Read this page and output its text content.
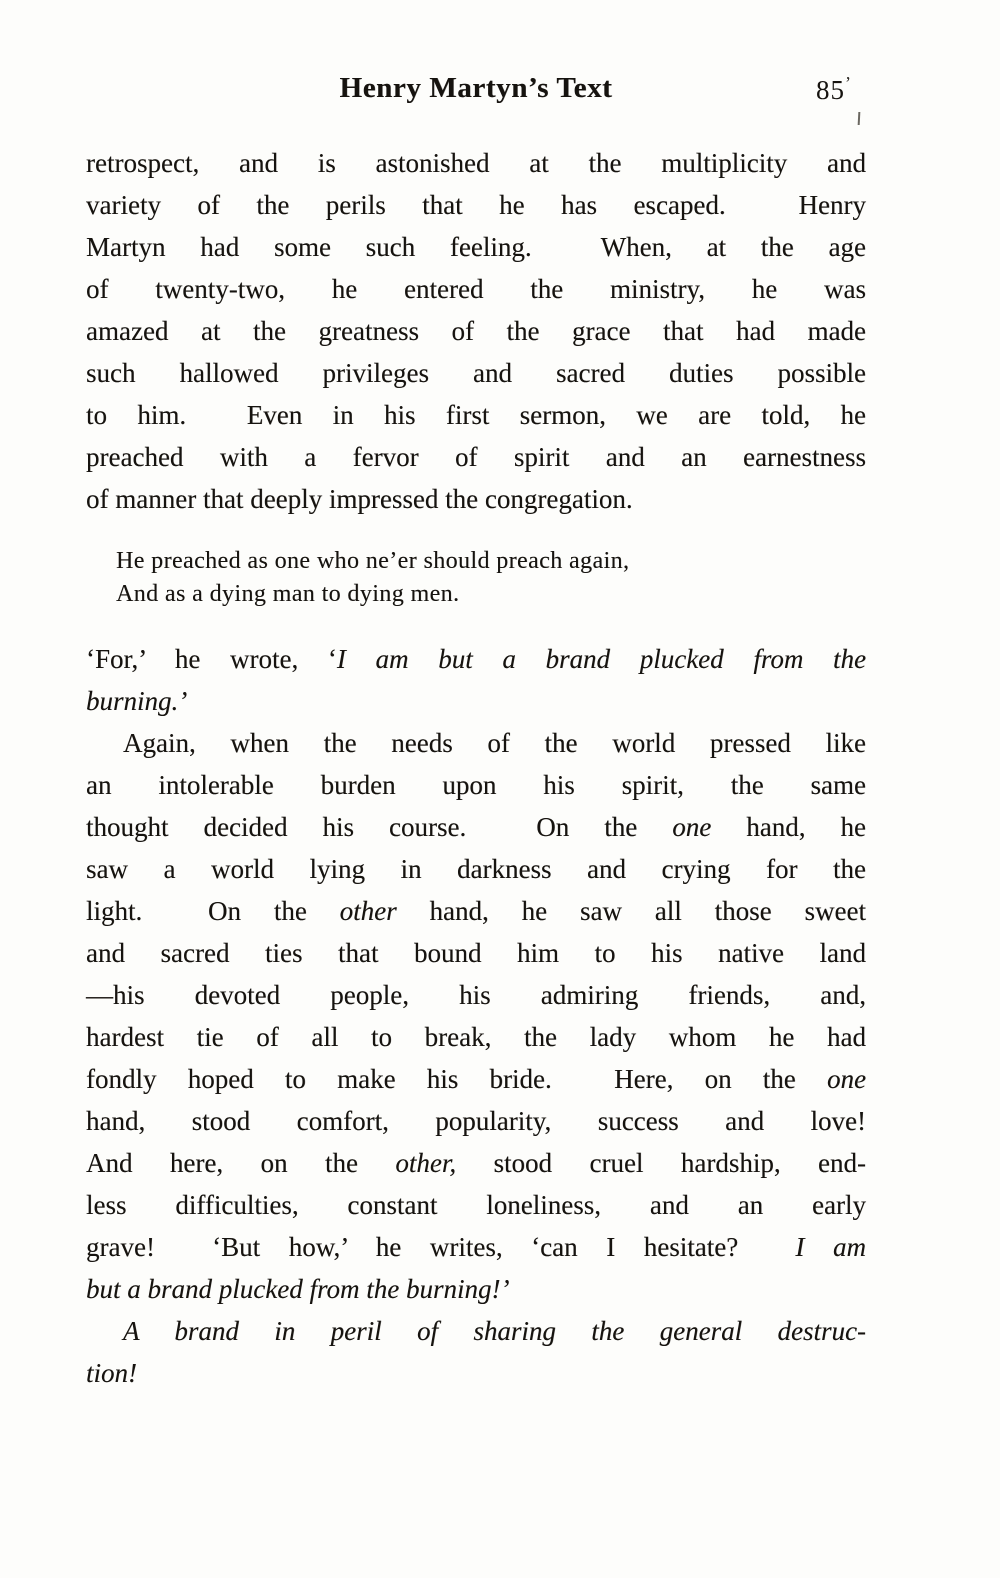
Henry Martyn’s Text	85’
retrospect, and is astonished at the multiplicity and
variety of the perils that he has escaped.  Henry
Martyn had some such feeling.  When, at the age
of twenty-two, he entered the ministry, he was
amazed at the greatness of the grace that had made
such hallowed privileges and sacred duties possible
to him.  Even in his first sermon, we are told, he
preached with a fervor of spirit and an earnestness
of manner that deeply impressed the congregation.
He preached as one who ne’er should preach again,
And as a dying man to dying men.
‘For,’ he wrote, ‘I am but a brand plucked from the
burning.’
Again, when the needs of the world pressed like
an intolerable burden upon his spirit, the same
thought decided his course.  On the one hand, he
saw a world lying in darkness and crying for the
light.  On the other hand, he saw all those sweet
and sacred ties that bound him to his native land
—his devoted people, his admiring friends, and,
hardest tie of all to break, the lady whom he had
fondly hoped to make his bride.  Here, on the one
hand, stood comfort, popularity, success and love!
And here, on the other, stood cruel hardship, end-
less difficulties, constant loneliness, and an early
grave!  ‘But how,’ he writes, ‘can I hesitate?  I am
but a brand plucked from the burning!’
A brand in peril of sharing the general destruc-
tion!
